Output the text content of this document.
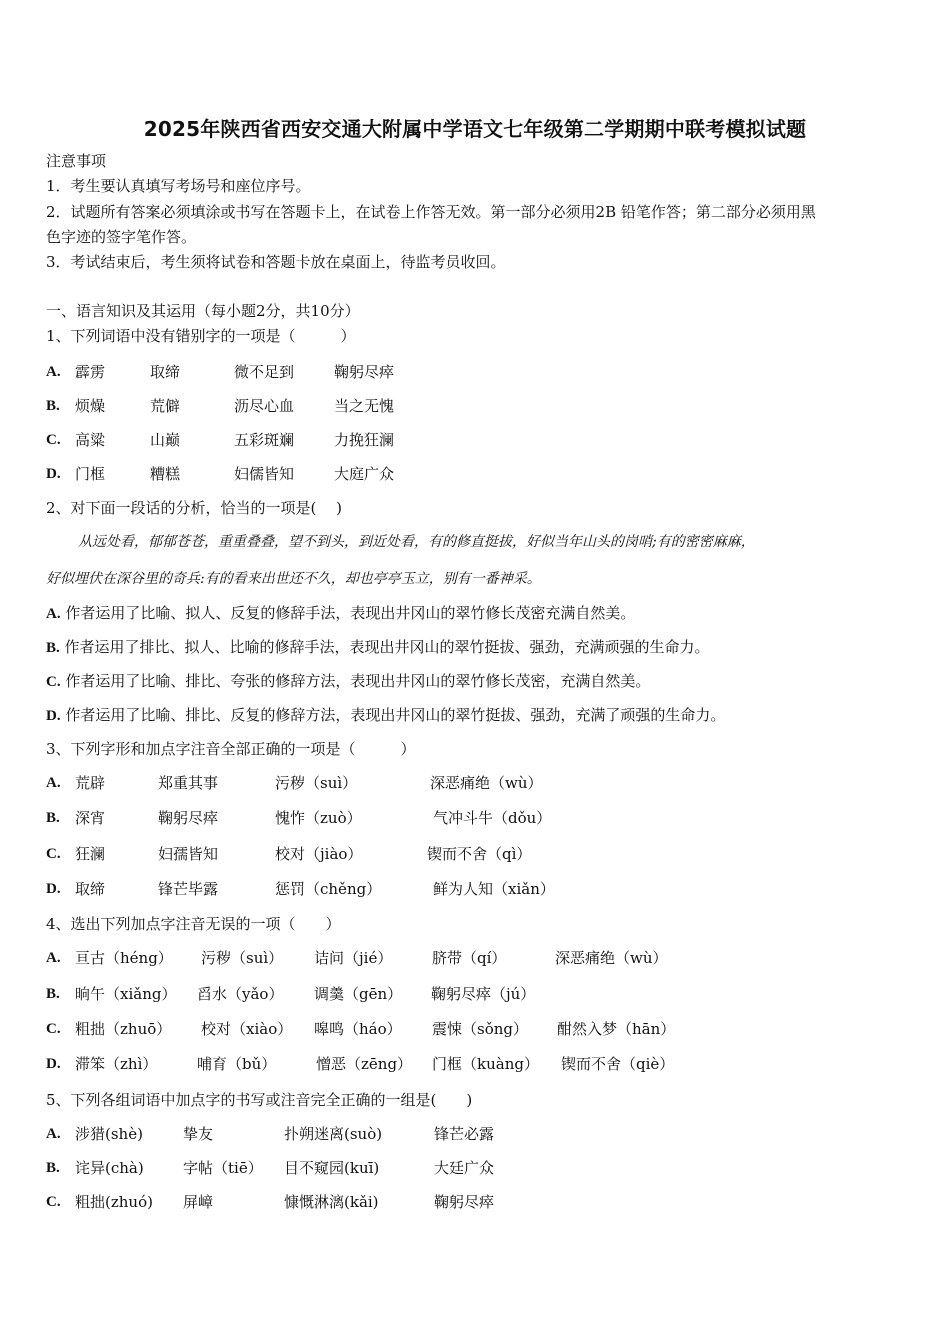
2025年陕西省西安交通大附属中学语文七年级第二学期期中联考模拟试题
注意事项
1．考生要认真填写考场号和座位序号。
2．试题所有答案必须填涂或书写在答题卡上，在试卷上作答无效。第一部分必须用2B 铅笔作答；第二部分必须用黑
色字迹的签字笔作答。
3．考试结束后，考生须将试卷和答题卡放在桌面上，待监考员收回。
一、语言知识及其运用（每小题2分，共10分）
1、下列词语中没有错别字的一项是（　　　）
A. 霹雳	取缔	微不足到	鞠躬尽瘁
B. 烦燥	荒僻	沥尽心血	当之无愧
C. 高粱	山巅	五彩斑斓	力挽狂澜
D. 门框	糟糕	妇儒皆知	大庭广众
2、对下面一段话的分析，恰当的一项是(　 )
从远处看，郁郁苍苍，重重叠叠，望不到头，到近处看，有的修直挺拔，好似当年山头的岗哨;有的密密麻麻，
好似埋伏在深谷里的奇兵:有的看来出世还不久，却也亭亭玉立，别有一番神采。
A. 作者运用了比喻、拟人、反复的修辞手法，表现出井冈山的翠竹修长茂密充满自然美。
B. 作者运用了排比、拟人、比喻的修辞手法，表现出井冈山的翠竹挺拔、强劲，充满顽强的生命力。
C. 作者运用了比喻、排比、夸张的修辞方法，表现出井冈山的翠竹修长茂密，充满自然美。
D. 作者运用了比喻、排比、反复的修辞方法，表现出井冈山的翠竹挺拔、强劲，充满了顽强的生命力。
3、下列字形和加点字注音全部正确的一项是（　　　）
A. 荒辟	郑重其事	污秽（suì）	深恶痛绝（wù）
B. 深宵	鞠躬尽瘁	愧怍（zuò）	气冲斗牛（dǒu）
C. 狂澜	妇孺皆知	校对（jiào）	锲而不舍（qì）
D. 取缔	锋芒毕露	惩罚（chěng）	鲜为人知（xiǎn）
4、选出下列加点字注音无误的一项（　　）
A. 亘古（héng） 污秽（suì） 诘问（jié）	脐带（qí）	深恶痛绝（wù）
B. 晌午（xiǎng） 舀水（yǎo） 调羹（gēn） 鞠躬尽瘁（jú）
C. 粗拙（zhuō） 校对（xiào） 嗥鸣（háo） 震悚（sǒng） 酣然入梦（hān）
D. 滞笨（zhì）	哺育（bǔ）	憎恶（zēng） 门框（kuàng） 锲而不舍（qiè）
5、下列各组词语中加点字的书写或注音完全正确的一组是(　　)
A. 涉猎(shè)	挚友	扑朔迷离(suò)	锋芒必露
B. 诧异(chà)	字帖（tiē） 目不窥园(kuī)	大廷广众
C. 粗拙(zhuó) 屏嶂	慷慨淋漓(kǎi)	鞠躬尽瘁
